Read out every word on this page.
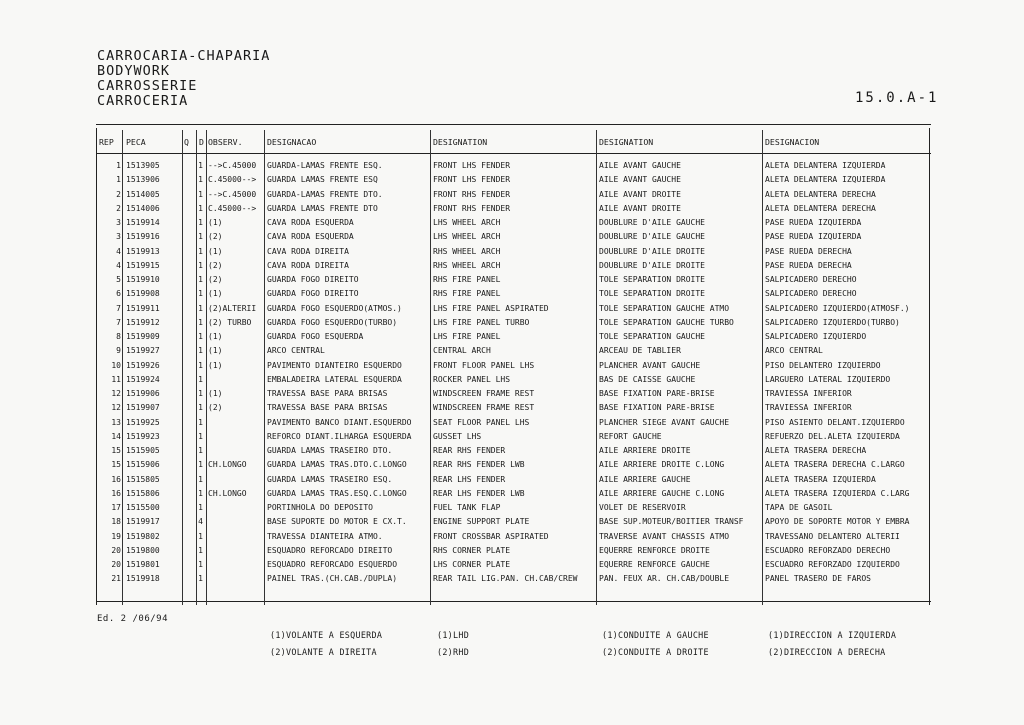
CARROCARIA-CHAPARIA
BODYWORK
CARROSSERIE
CARROCERIA	15.0.A-1
REP PECA	Q D OBSERV.	DESIGNACAO	DESIGNATION	DESIGNATION	DESIGNACION
1 1513905	1 -->C.45000	GUARDA-LAMAS FRENTE ESQ.	FRONT LHS FENDER	AILE AVANT GAUCHE	ALETA DELANTERA IZQUIERDA
1 1513906	1 C.45000-->	GUARDA LAMAS FRENTE ESQ	FRONT LHS FENDER	AILE AVANT GAUCHE	ALETA DELANTERA IZQUIERDA
2 1514005	1 -->C.45000	GUARDA-LAMAS FRENTE DTO.	FRONT RHS FENDER	AILE AVANT DROITE	ALETA DELANTERA DERECHA
2 1514006	1 C.45000-->	GUARDA LAMAS FRENTE DTO	FRONT RHS FENDER	AILE AVANT DROITE	ALETA DELANTERA DERECHA
3 1519914	1 (1)	CAVA RODA ESQUERDA	LHS WHEEL ARCH	DOUBLURE D'AILE GAUCHE	PASE RUEDA IZQUIERDA
3 1519916	1 (2)	CAVA RODA ESQUERDA	LHS WHEEL ARCH	DOUBLURE D'AILE GAUCHE	PASE RUEDA IZQUIERDA
4 1519913	1 (1)	CAVA RODA DIREITA	RHS WHEEL ARCH	DOUBLURE D'AILE DROITE	PASE RUEDA DERECHA
4 1519915	1 (2)	CAVA RODA DIREITA	RHS WHEEL ARCH	DOUBLURE D'AILE DROITE	PASE RUEDA DERECHA
5 1519910	1 (2)	GUARDA FOGO DIREITO	RHS FIRE PANEL	TOLE SEPARATION DROITE	SALPICADERO DERECHO
6 1519908	1 (1)	GUARDA FOGO DIREITO	RHS FIRE PANEL	TOLE SEPARATION DROITE	SALPICADERO DERECHO
7 1519911	1 (2)ALTERII	GUARDA FOGO ESQUERDO(ATMOS.)	LHS FIRE PANEL ASPIRATED	TOLE SEPARATION GAUCHE ATMO	SALPICADERO IZQUIERDO(ATMOSF.)
7 1519912	1 (2) TURBO	GUARDA FOGO ESQUERDO(TURBO)	LHS FIRE PANEL TURBO	TOLE SEPARATION GAUCHE TURBO	SALPICADERO IZQUIERDO(TURBO)
8 1519909	1 (1)	GUARDA FOGO ESQUERDA	LHS FIRE PANEL	TOLE SEPARATION GAUCHE	SALPICADERO IZQUIERDO
9 1519927	1 (1)	ARCO CENTRAL	CENTRAL ARCH	ARCEAU DE TABLIER	ARCO CENTRAL
10 1519926	1 (1)	PAVIMENTO DIANTEIRO ESQUERDO	FRONT FLOOR PANEL LHS	PLANCHER AVANT GAUCHE	PISO DELANTERO IZQUIERDO
11 1519924	1	EMBALADEIRA LATERAL ESQUERDA	ROCKER PANEL LHS	BAS DE CAISSE GAUCHE	LARGUERO LATERAL IZQUIERDO
12 1519906	1 (1)	TRAVESSA BASE PARA BRISAS	WINDSCREEN FRAME REST	BASE FIXATION PARE-BRISE	TRAVIESSA INFERIOR
12 1519907	1 (2)	TRAVESSA BASE PARA BRISAS	WINDSCREEN FRAME REST	BASE FIXATION PARE-BRISE	TRAVIESSA INFERIOR
13 1519925	1	PAVIMENTO BANCO DIANT.ESQUERDO	SEAT FLOOR PANEL LHS	PLANCHER SIEGE AVANT GAUCHE	PISO ASIENTO DELANT.IZQUIERDO
14 1519923	1	REFORCO DIANT.ILHARGA ESQUERDA	GUSSET LHS	REFORT GAUCHE	REFUERZO DEL.ALETA IZQUIERDA
15 1515905	1	GUARDA LAMAS TRASEIRO DTO.	REAR RHS FENDER	AILE ARRIERE DROITE	ALETA TRASERA DERECHA
15 1515906	1 CH.LONGO	GUARDA LAMAS TRAS.DTO.C.LONGO	REAR RHS FENDER LWB	AILE ARRIERE DROITE C.LONG	ALETA TRASERA DERECHA C.LARGO
16 1515805	1	GUARDA LAMAS TRASEIRO ESQ.	REAR LHS FENDER	AILE ARRIERE GAUCHE	ALETA TRASERA IZQUIERDA
16 1515806	1 CH.LONGO	GUARDA LAMAS TRAS.ESQ.C.LONGO	REAR LHS FENDER LWB	AILE ARRIERE GAUCHE C.LONG	ALETA TRASERA IZQUIERDA C.LARG
17 1515500	1	PORTINHOLA DO DEPOSITO	FUEL TANK FLAP	VOLET DE RESERVOIR	TAPA DE GASOIL
18 1519917	4	BASE SUPORTE DO MOTOR E CX.T.	ENGINE SUPPORT PLATE	BASE SUP.MOTEUR/BOITIER TRANSF	APOYO DE SOPORTE MOTOR Y EMBRA
19 1519802	1	TRAVESSA DIANTEIRA ATMO.	FRONT CROSSBAR ASPIRATED	TRAVERSE AVANT CHASSIS ATMO	TRAVESSANO DELANTERO ALTERII
20 1519800	1	ESQUADRO REFORCADO DIREITO	RHS CORNER PLATE	EQUERRE RENFORCE DROITE	ESCUADRO REFORZADO DERECHO
20 1519801	1	ESQUADRO REFORCADO ESQUERDO	LHS CORNER PLATE	EQUERRE RENFORCE GAUCHE	ESCUADRO REFORZADO IZQUIERDO
21 1519918	1	PAINEL TRAS.(CH.CAB./DUPLA)	REAR TAIL LIG.PAN. CH.CAB/CREW	PAN. FEUX AR. CH.CAB/DOUBLE	PANEL TRASERO DE FAROS
Ed. 2 /06/94
(1)VOLANTE A ESQUERDA
(2)VOLANTE A DIREITA
(1)LHD
(2)RHD
(1)CONDUITE A GAUCHE
(2)CONDUITE A DROITE
(1)DIRECCION A IZQUIERDA
(2)DIRECCION A DERECHA
